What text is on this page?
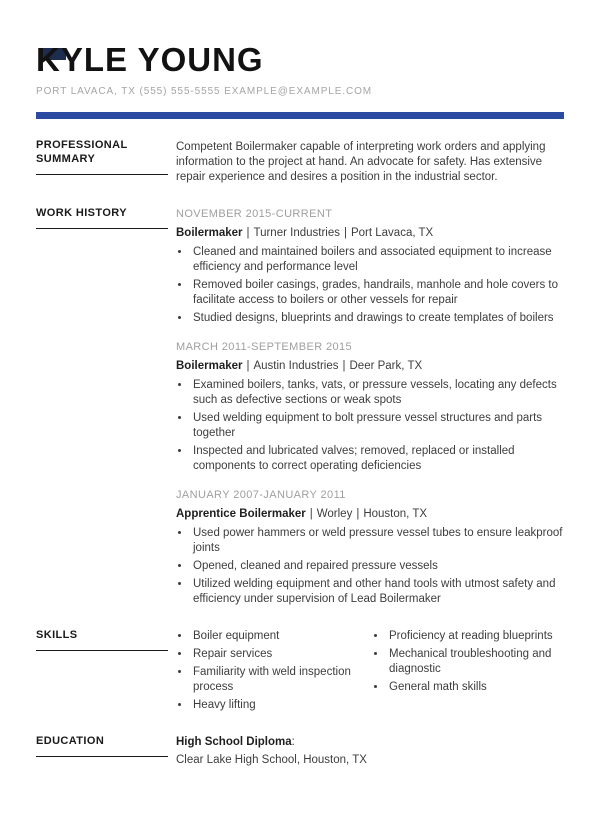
KYLE YOUNG
PORT LAVACA, TX (555) 555-5555 EXAMPLE@EXAMPLE.COM
PROFESSIONAL SUMMARY
Competent Boilermaker capable of interpreting work orders and applying information to the project at hand. An advocate for safety. Has extensive repair experience and desires a position in the industrial sector.
WORK HISTORY	NOVEMBER 2015-CURRENT
Boilermaker | Turner Industries | Port Lavaca, TX
• Cleaned and maintained boilers and associated equipment to increase efficiency and performance level
• Removed boiler casings, grades, handrails, manhole and hole covers to facilitate access to boilers or other vessels for repair
• Studied designs, blueprints and drawings to create templates of boilers
MARCH 2011-SEPTEMBER 2015
Boilermaker | Austin Industries | Deer Park, TX
• Examined boilers, tanks, vats, or pressure vessels, locating any defects such as defective sections or weak spots
• Used welding equipment to bolt pressure vessel structures and parts together
• Inspected and lubricated valves; removed, replaced or installed components to correct operating deficiencies
JANUARY 2007-JANUARY 2011
Apprentice Boilermaker | Worley | Houston, TX
• Used power hammers or weld pressure vessel tubes to ensure leakproof joints
• Opened, cleaned and repaired pressure vessels
• Utilized welding equipment and other hand tools with utmost safety and efficiency under supervision of Lead Boilermaker
SKILLS	• Boiler equipment
• Repair services
• Familiarity with weld inspection process
• Heavy lifting
• Proficiency at reading blueprints
• Mechanical troubleshooting and diagnostic
• General math skills
EDUCATION	High School Diploma:
Clear Lake High School, Houston, TX
